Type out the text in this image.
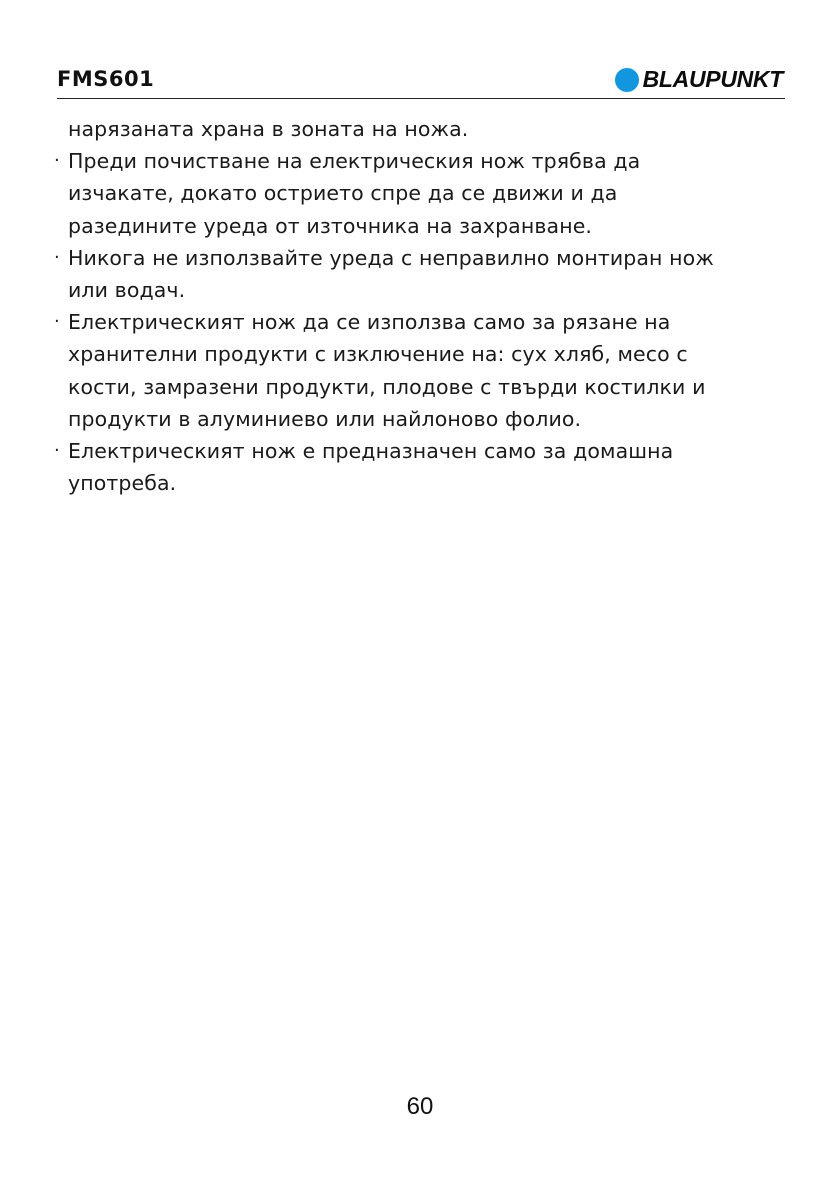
FMS601	BLAUPUNKT
нарязаната храна в зоната на ножа.
· Преди почистване на електрическия нож трябва да
изчакате, докато острието спре да се движи и да
разедините уреда от източника на захранване.
· Никога не използвайте уреда с неправилно монтиран нож
или водач.
· Електрическият нож да се използва само за рязане на
хранителни продукти с изключение на: сух хляб, месо с
кости, замразени продукти, плодове с твърди костилки и
продукти в алуминиево или найлоново фолио.
· Електрическият нож е предназначен само за домашна
употреба.
60
